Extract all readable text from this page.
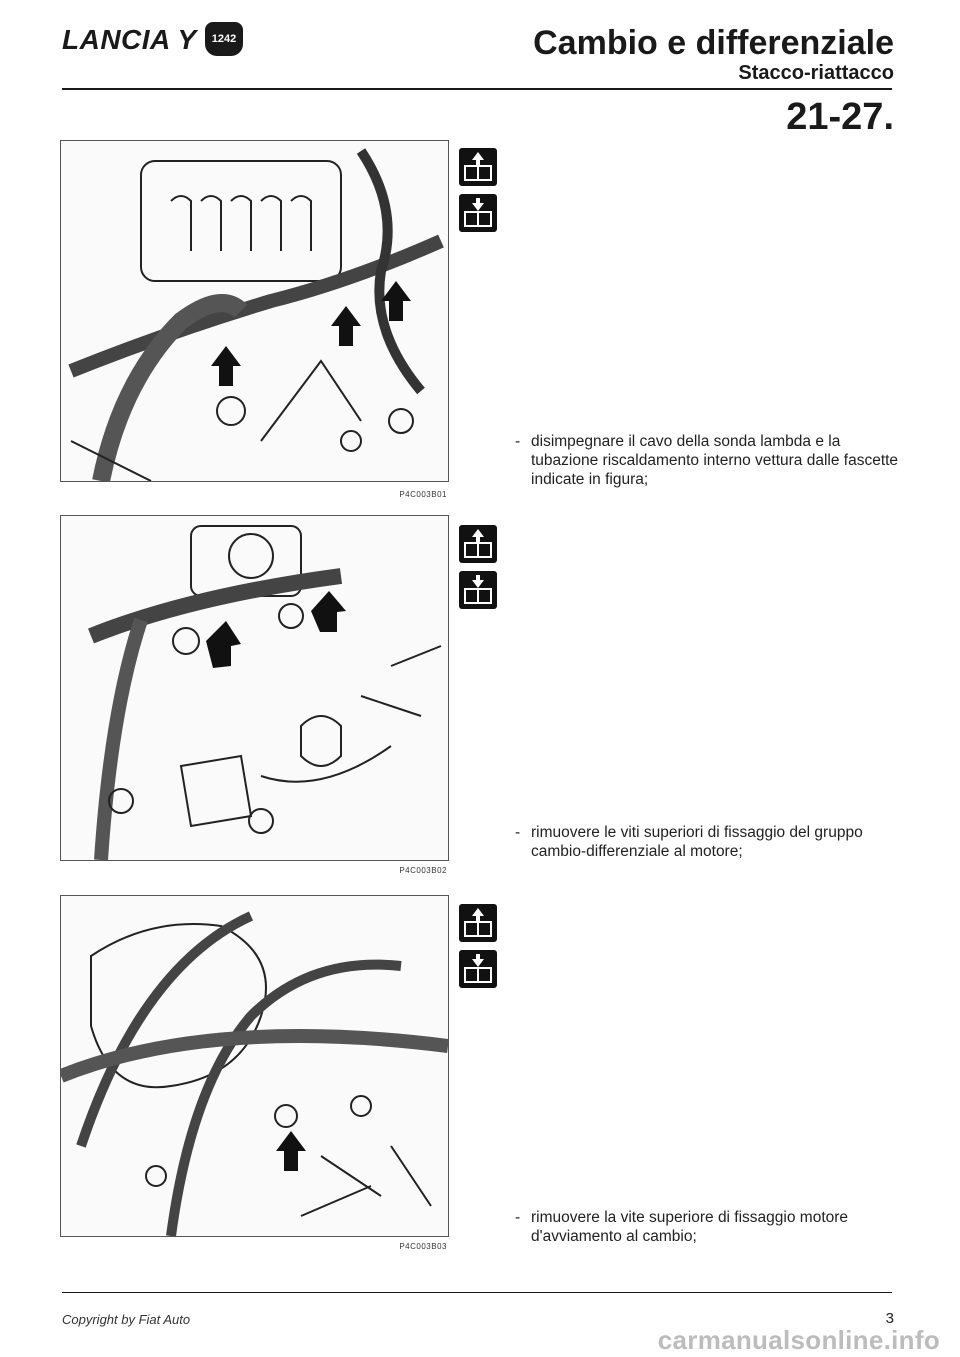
LANCIA Y	1242	Cambio e differenziale
Stacco-riattacco
21-27.
P4C003B01
P4C003B02
P4C003B03
- disimpegnare il cavo della sonda lambda e la tubazione riscaldamento interno vettura dalle fascette indicate in figura;
- rimuovere le viti superiori di fissaggio del gruppo cambio-differenziale al motore;
- rimuovere la vite superiore di fissaggio motore d'avviamento al cambio;
Copyright by Fiat Auto	3
carmanualsonline.info
